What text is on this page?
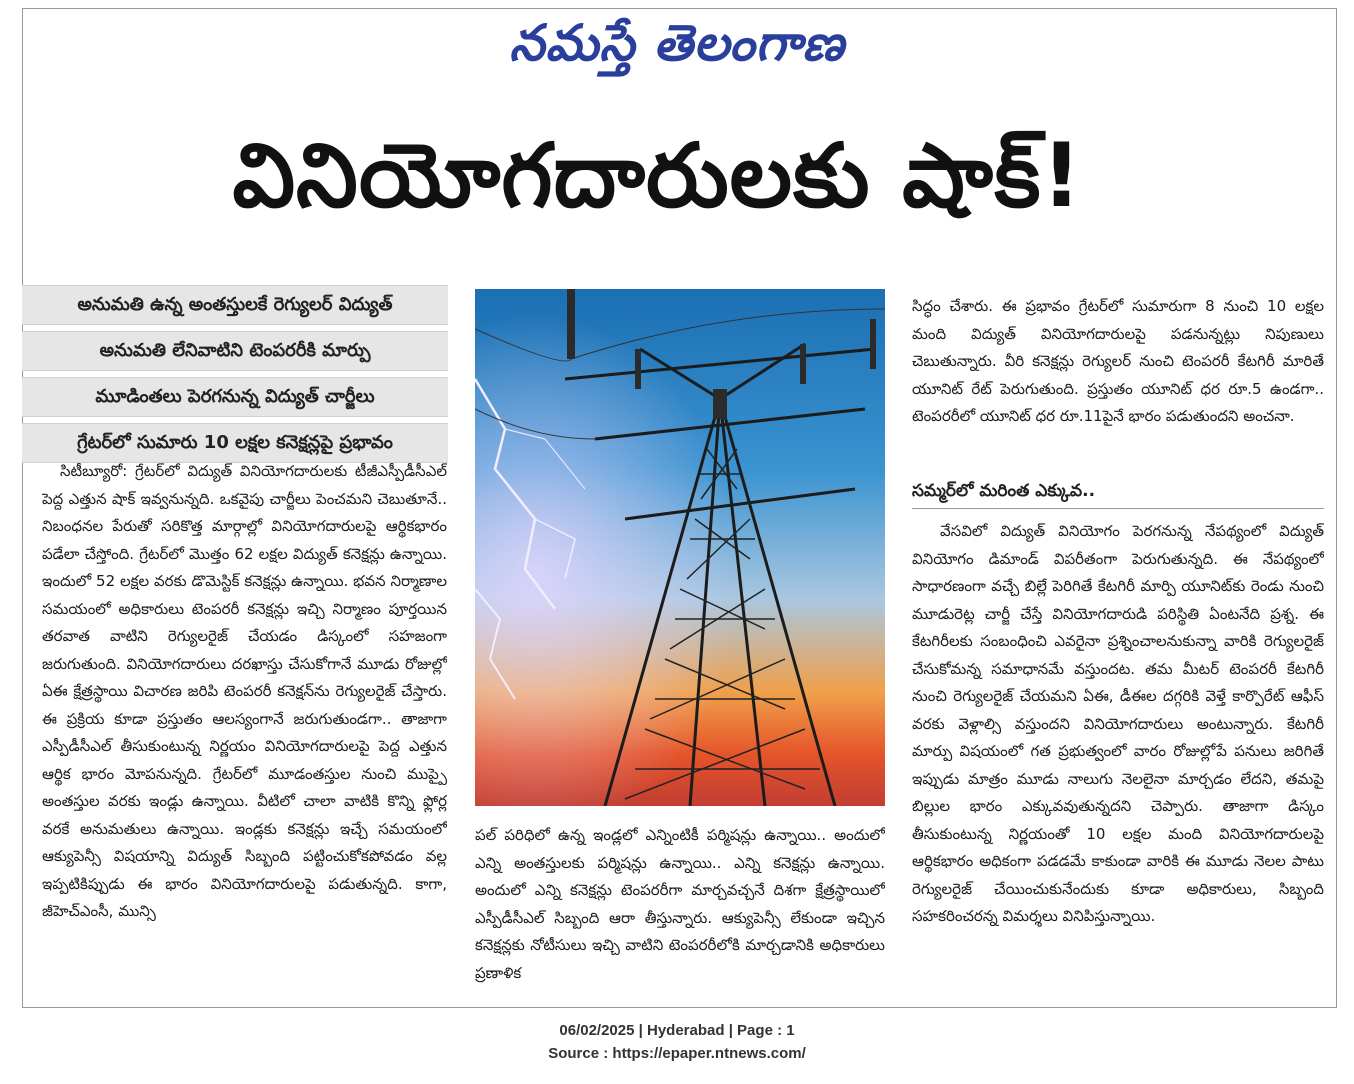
నమస్తే తెలంగాణ
వినియోగదారులకు షాక్!
అనుమతి ఉన్న అంతస్తులకే రెగ్యులర్ విద్యుత్
అనుమతి లేనివాటిని టెంపరరీకి మార్పు
మూడింతలు పెరగనున్న విద్యుత్ చార్జీలు
గ్రేటర్‌లో సుమారు 10 లక్షల కనెక్షన్లపై ప్రభావం

సిటీబ్యూరో: గ్రేటర్‌లో విద్యుత్ వినియోగదారులకు టీజీఎస్పీడీసీఎల్ పెద్ద ఎత్తున షాక్ ఇవ్వనున్నది. ఒకవైపు చార్జీలు పెంచమని చెబుతూనే.. నిబంధనల పేరుతో సరికొత్త మార్గాల్లో వినియోగదారులపై ఆర్థికభారం పడేలా చేస్తోంది. గ్రేటర్‌లో మొత్తం 62 లక్షల విద్యుత్ కనెక్షన్లు ఉన్నాయి. ఇందులో 52 లక్షల వరకు డొమెస్టిక్ కనెక్షన్లు ఉన్నాయి. భవన నిర్మాణాల సమయంలో అధికారులు టెంపరరీ కనెక్షన్లు ఇచ్చి నిర్మాణం పూర్తయిన తరవాత వాటిని రెగ్యులరైజ్ చేయడం డిస్కంలో సహజంగా జరుగుతుంది. వినియోగదారులు దరఖాస్తు చేసుకోగానే మూడు రోజుల్లో ఏఈ క్షేత్రస్థాయి విచారణ జరిపి టెంపరరీ కనెక్షన్‌ను రెగ్యులరైజ్ చేస్తారు. ఈ ప్రక్రియ కూడా ప్రస్తుతం ఆలస్యంగానే జరుగుతుండగా.. తాజాగా ఎస్పీడీసీఎల్ తీసుకుంటున్న నిర్ణయం వినియోగదారులపై పెద్ద ఎత్తున ఆర్థిక భారం మోపనున్నది. గ్రేటర్‌లో మూడంతస్తుల నుంచి ముప్పై అంతస్తుల వరకు ఇండ్లు ఉన్నాయి. వీటిలో చాలా వాటికి కొన్ని ఫ్లోర్ల వరకే అనుమతులు ఉన్నాయి. ఇండ్లకు కనెక్షన్లు ఇచ్చే సమయంలో ఆక్యుపెన్సీ విషయాన్ని విద్యుత్ సిబ్బంది పట్టించుకోకపోవడం వల్ల ఇప్పటికిప్పుడు ఈ భారం వినియోగదారులపై పడుతున్నది. కాగా, జీహెచ్‌ఎంసీ, మున్సి

పల్ పరిధిలో ఉన్న ఇండ్లలో ఎన్నింటికీ పర్మిషన్లు ఉన్నాయి.. అందులో ఎన్ని అంతస్తులకు పర్మిషన్లు ఉన్నాయి.. ఎన్ని కనెక్షన్లు ఉన్నాయి. అందులో ఎన్ని కనెక్షన్లు టెంపరరీగా మార్చవచ్చనే దిశగా క్షేత్రస్థాయిలో ఎస్పీడీసీఎల్ సిబ్బంది ఆరా తీస్తున్నారు. ఆక్యుపెన్సీ లేకుండా ఇచ్చిన కనెక్షన్లకు నోటీసులు ఇచ్చి వాటిని టెంపరరీలోకి మార్చడానికి అధికారులు ప్రణాళిక

సిద్ధం చేశారు. ఈ ప్రభావం గ్రేటర్‌లో సుమారుగా 8 నుంచి 10 లక్షల మంది విద్యుత్ వినియోగదారులపై పడనున్నట్లు నిపుణులు చెబుతున్నారు. వీరి కనెక్షన్లు రెగ్యులర్ నుంచి టెంపరరీ కేటగిరీ మారితే యూనిట్ రేట్ పెరుగుతుంది. ప్రస్తుతం యూనిట్ ధర రూ.5 ఉండగా.. టెంపరరీలో యూనిట్ ధర రూ.11పైనే భారం పడుతుందని అంచనా.

సమ్మర్‌లో మరింత ఎక్కువ..

వేసవిలో విద్యుత్ వినియోగం పెరగనున్న నేపథ్యంలో విద్యుత్ వినియోగం డిమాండ్ విపరీతంగా పెరుగుతున్నది. ఈ నేపథ్యంలో సాధారణంగా వచ్చే బిల్లే పెరిగితే కేటగిరీ మార్పి యూనిట్‌కు రెండు నుంచి మూడురెట్ల చార్జీ చేస్తే వినియోగదారుడి పరిస్థితి ఏంటనేది ప్రశ్న. ఈ కేటగిరీలకు సంబంధించి ఎవరైనా ప్రశ్నించాలనుకున్నా వారికి రెగ్యులరైజ్ చేసుకోమన్న సమాధానమే వస్తుందట. తమ మీటర్ టెంపరరీ కేటగిరీ నుంచి రెగ్యులరైజ్ చేయమని ఏఈ, డీఈల దగ్గరికి వెళ్తే కార్పొరేట్ ఆఫీస్ వరకు వెళ్లాల్సి వస్తుందని వినియోగదారులు అంటున్నారు. కేటగిరీ మార్పు విషయంలో గత ప్రభుత్వంలో వారం రోజుల్లోపే పనులు జరిగితే ఇప్పుడు మాత్రం మూడు నాలుగు నెలలైనా మార్చడం లేదని, తమపై బిల్లుల భారం ఎక్కువవుతున్నదని చెప్పారు. తాజాగా డిస్కం తీసుకుంటున్న నిర్ణయంతో 10 లక్షల మంది వినియోగదారులపై ఆర్థికభారం అధికంగా పడడమే కాకుండా వారికి ఈ మూడు నెలల పాటు రెగ్యులరైజ్ చేయించుకునేందుకు కూడా అధికారులు, సిబ్బంది సహకరించరన్న విమర్శలు వినిపిస్తున్నాయి.

06/02/2025 | Hyderabad | Page : 1
Source : https://epaper.ntnews.com/
